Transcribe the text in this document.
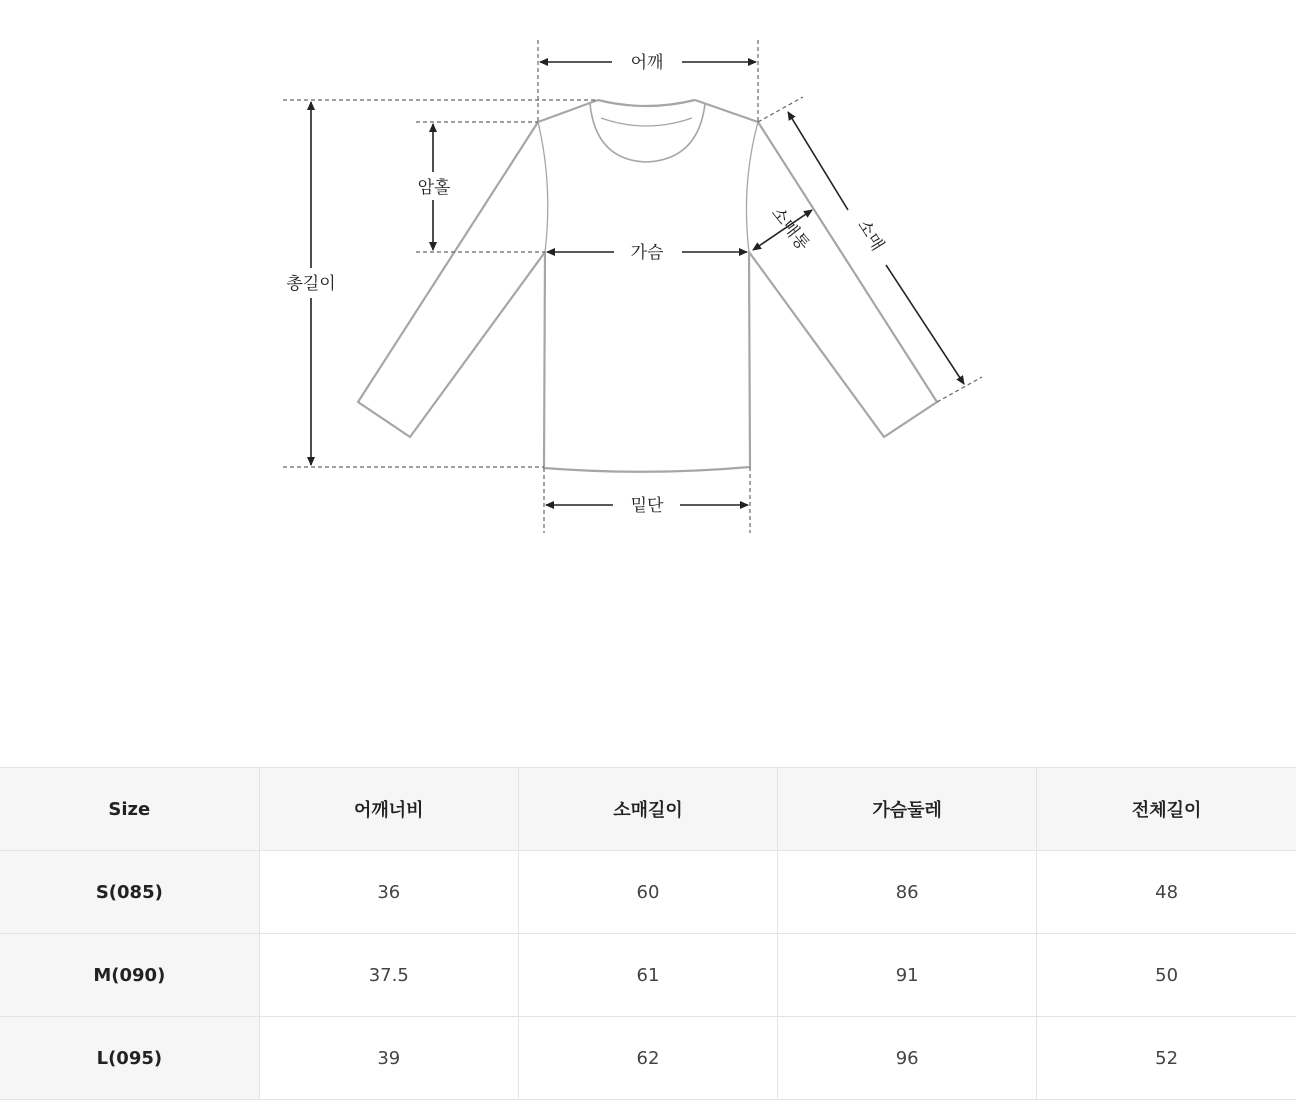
어깨
암홀
가슴
총길이
밑단
소매
소매통
Size	어깨너비	소매길이	가슴둘레	전체길이
S(085)	36	60	86	48
M(090)	37.5	61	91	50
L(095)	39	62	96	52
